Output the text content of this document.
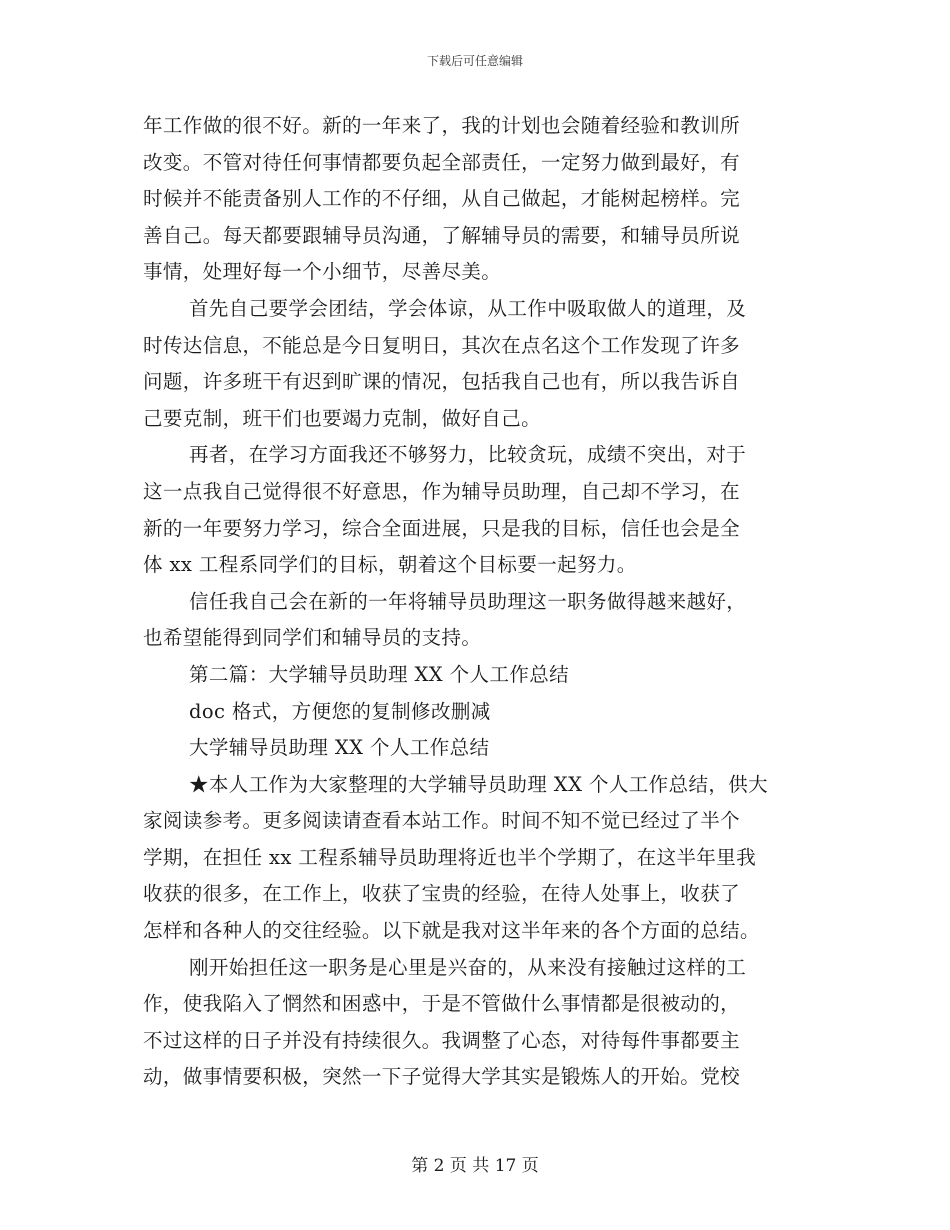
下载后可任意编辑
年工作做的很不好。新的一年来了，我的计划也会随着经验和教训所
改变。不管对待任何事情都要负起全部责任，一定努力做到最好，有
时候并不能责备别人工作的不仔细，从自己做起，才能树起榜样。完
善自己。每天都要跟辅导员沟通，了解辅导员的需要，和辅导员所说
事情，处理好每一个小细节，尽善尽美。
首先自己要学会团结，学会体谅，从工作中吸取做人的道理，及
时传达信息，不能总是今日复明日，其次在点名这个工作发现了许多
问题，许多班干有迟到旷课的情况，包括我自己也有，所以我告诉自
己要克制，班干们也要竭力克制，做好自己。
再者，在学习方面我还不够努力，比较贪玩，成绩不突出，对于
这一点我自己觉得很不好意思，作为辅导员助理，自己却不学习，在
新的一年要努力学习，综合全面进展，只是我的目标，信任也会是全
体 xx 工程系同学们的目标，朝着这个目标要一起努力。
信任我自己会在新的一年将辅导员助理这一职务做得越来越好，
也希望能得到同学们和辅导员的支持。
第二篇：大学辅导员助理 XX 个人工作总结
doc 格式，方便您的复制修改删减
大学辅导员助理 XX 个人工作总结
★本人工作为大家整理的大学辅导员助理 XX 个人工作总结，供大
家阅读参考。更多阅读请查看本站工作。时间不知不觉已经过了半个
学期，在担任 xx 工程系辅导员助理将近也半个学期了，在这半年里我
收获的很多，在工作上，收获了宝贵的经验，在待人处事上，收获了
怎样和各种人的交往经验。以下就是我对这半年来的各个方面的总结。
刚开始担任这一职务是心里是兴奋的，从来没有接触过这样的工
作，使我陷入了惘然和困惑中，于是不管做什么事情都是很被动的，
不过这样的日子并没有持续很久。我调整了心态，对待每件事都要主
动，做事情要积极，突然一下子觉得大学其实是锻炼人的开始。党校
第 2 页 共 17 页
